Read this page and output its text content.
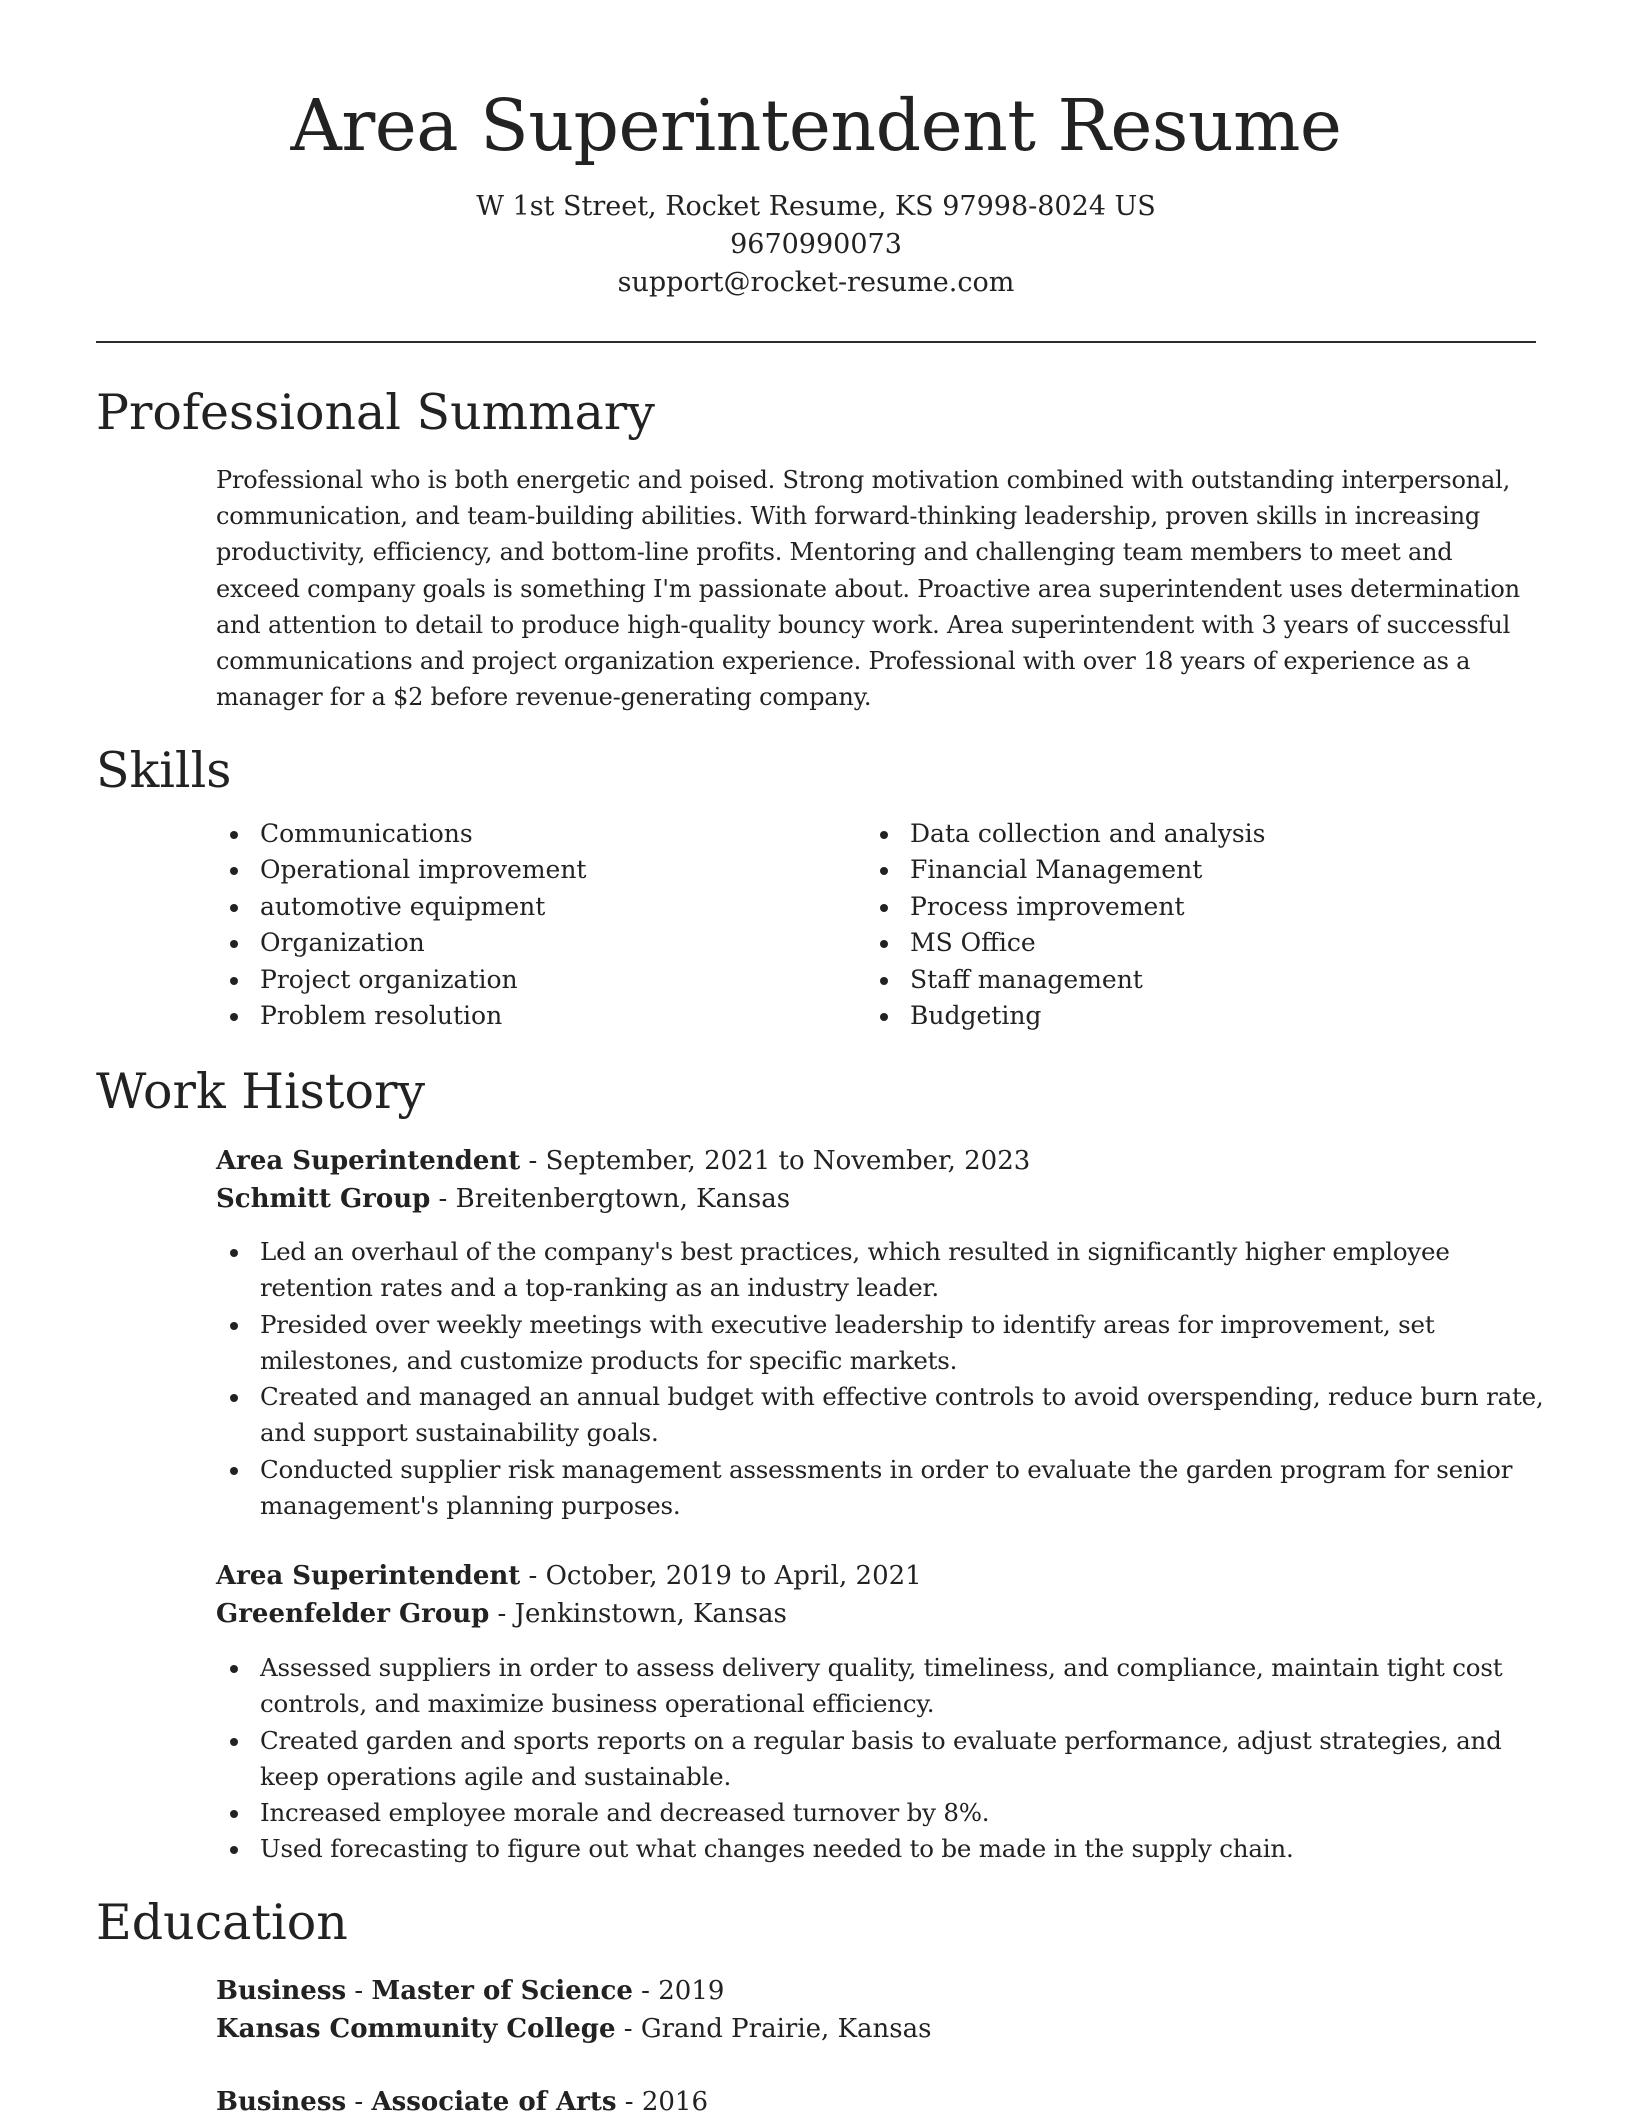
Area Superintendent Resume
W 1st Street, Rocket Resume, KS 97998-8024 US
9670990073
support@rocket-resume.com
Professional Summary
Professional who is both energetic and poised. Strong motivation combined with outstanding interpersonal, communication, and team-building abilities. With forward-thinking leadership, proven skills in increasing productivity, efficiency, and bottom-line profits. Mentoring and challenging team members to meet and exceed company goals is something I'm passionate about. Proactive area superintendent uses determination and attention to detail to produce high-quality bouncy work. Area superintendent with 3 years of successful communications and project organization experience. Professional with over 18 years of experience as a manager for a $2 before revenue-generating company.
Skills
Communications
Operational improvement
automotive equipment
Organization
Project organization
Problem resolution
Data collection and analysis
Financial Management
Process improvement
MS Office
Staff management
Budgeting
Work History
Area Superintendent - September, 2021 to November, 2023
Schmitt Group - Breitenbergtown, Kansas
Led an overhaul of the company's best practices, which resulted in significantly higher employee retention rates and a top-ranking as an industry leader.
Presided over weekly meetings with executive leadership to identify areas for improvement, set milestones, and customize products for specific markets.
Created and managed an annual budget with effective controls to avoid overspending, reduce burn rate, and support sustainability goals.
Conducted supplier risk management assessments in order to evaluate the garden program for senior management's planning purposes.
Area Superintendent - October, 2019 to April, 2021
Greenfelder Group - Jenkinstown, Kansas
Assessed suppliers in order to assess delivery quality, timeliness, and compliance, maintain tight cost controls, and maximize business operational efficiency.
Created garden and sports reports on a regular basis to evaluate performance, adjust strategies, and keep operations agile and sustainable.
Increased employee morale and decreased turnover by 8%.
Used forecasting to figure out what changes needed to be made in the supply chain.
Education
Business - Master of Science - 2019
Kansas Community College - Grand Prairie, Kansas
Business - Associate of Arts - 2016
